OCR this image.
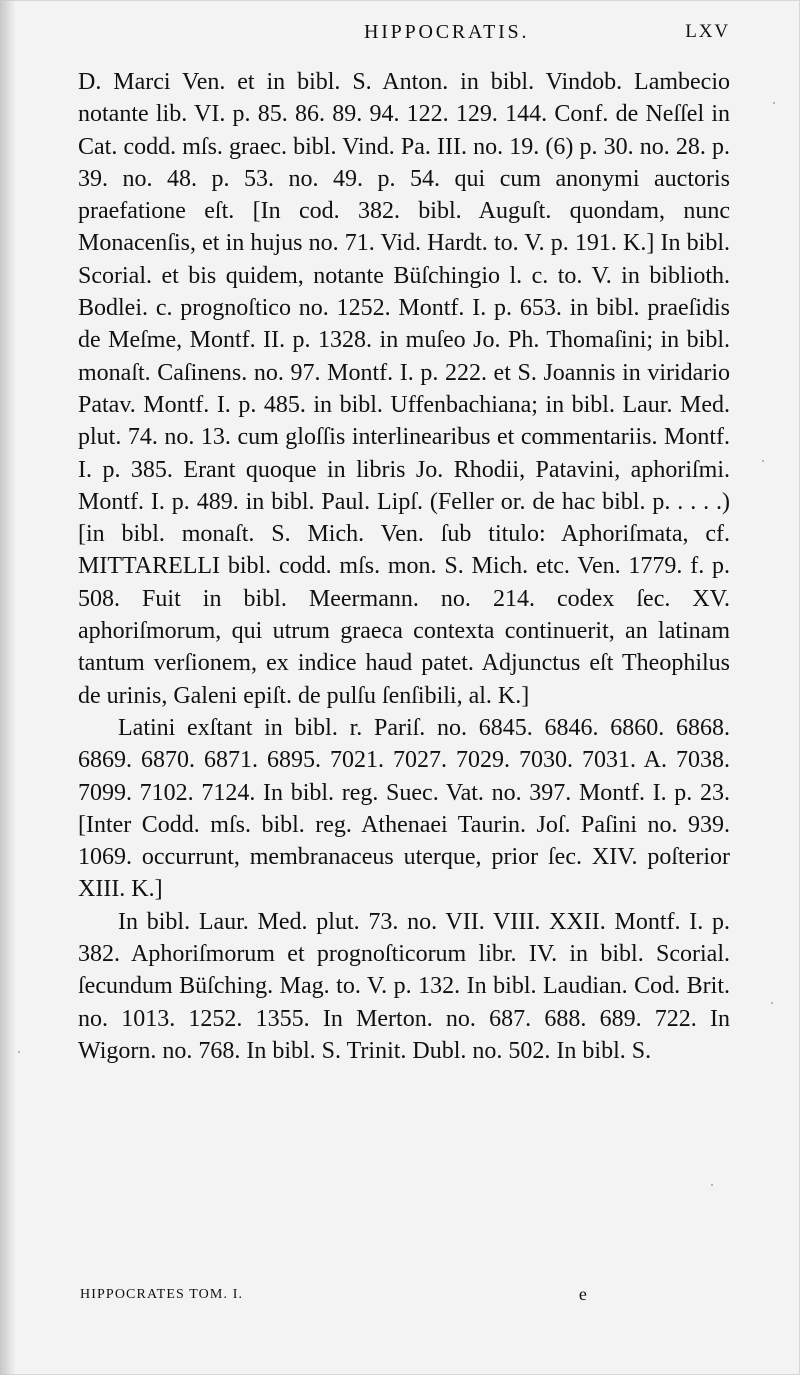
HIPPOCRATIS.	LXV

D. Marci Ven. et in bibl. S. Anton. in bibl. Vindob. Lambecio notante lib. VI. p. 85. 86. 89. 94. 122. 129. 144. Conf. de Neſſel in Cat. codd. mſs. graec. bibl. Vind. Pa. III. no. 19. (6) p. 30. no. 28. p. 39. no. 48. p. 53. no. 49. p. 54. qui cum anonymi auctoris praefatione eſt. [In cod. 382. bibl. Auguſt. quondam, nunc Monacenſis, et in hujus no. 71. Vid. Hardt. to. V. p. 191. K.] In bibl. Scorial. et bis quidem, notante Büſchingio l. c. to. V. in biblioth. Bodlei. c. prognoſtico no. 1252. Montf. I. p. 653. in bibl. praeſidis de Meſme, Montf. II. p. 1328. in muſeo Jo. Ph. Thomaſini; in bibl. monaſt. Caſinens. no. 97. Montf. I. p. 222. et S. Joannis in viridario Patav. Montf. I. p. 485. in bibl. Uffenbachiana; in bibl. Laur. Med. plut. 74. no. 13. cum gloſſis interlinearibus et commentariis. Montf. I. p. 385. Erant quoque in libris Jo. Rhodii, Patavini, aphoriſmi. Montf. I. p. 489. in bibl. Paul. Lipſ. (Feller or. de hac bibl. p. . . . .) [in bibl. monaſt. S. Mich. Ven. ſub titulo: Aphoriſmata, cf. MITTARELLI bibl. codd. mſs. mon. S. Mich. etc. Ven. 1779. f. p. 508. Fuit in bibl. Meermann. no. 214. codex ſec. XV. aphoriſmorum, qui utrum graeca contexta continuerit, an latinam tantum verſionem, ex indice haud patet. Adjunctus eſt Theophilus de urinis, Galeni epiſt. de pulſu ſenſibili, al. K.]

Latini exſtant in bibl. r. Pariſ. no. 6845. 6846. 6860. 6868. 6869. 6870. 6871. 6895. 7021. 7027. 7029. 7030. 7031. A. 7038. 7099. 7102. 7124. In bibl. reg. Suec. Vat. no. 397. Montf. I. p. 23. [Inter Codd. mſs. bibl. reg. Athenaei Taurin. Joſ. Paſini no. 939. 1069. occurrunt, membranaceus uterque, prior ſec. XIV. poſterior XIII. K.]

In bibl. Laur. Med. plut. 73. no. VII. VIII. XXII. Montf. I. p. 382. Aphoriſmorum et prognoſticorum libr. IV. in bibl. Scorial. ſecundum Büſching. Mag. to. V. p. 132. In bibl. Laudian. Cod. Brit. no. 1013. 1252. 1355. In Merton. no. 687. 688. 689. 722. In Wigorn. no. 768. In bibl. S. Trinit. Dubl. no. 502. In bibl. S.

HIPPOCRATES TOM. I.	e
